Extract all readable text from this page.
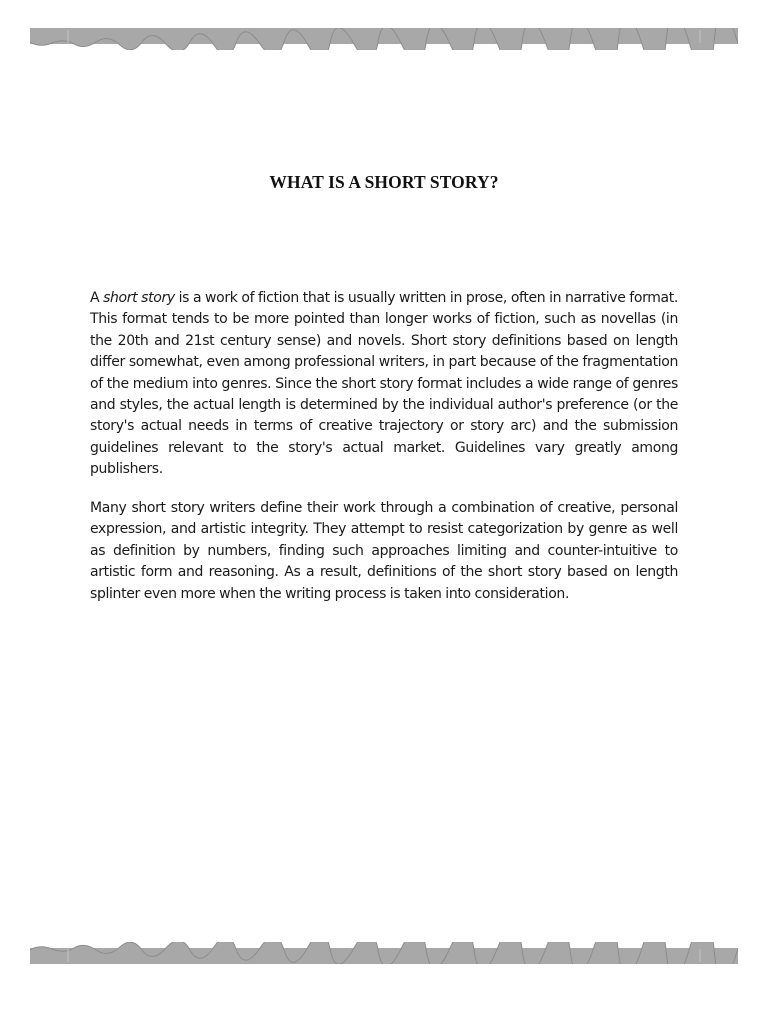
WHAT IS A SHORT STORY?

A short story is a work of fiction that is usually written in prose, often in narrative format. This format tends to be more pointed than longer works of fiction, such as novellas (in the 20th and 21st century sense) and novels. Short story definitions based on length differ somewhat, even among professional writers, in part because of the fragmentation of the medium into genres. Since the short story format includes a wide range of genres and styles, the actual length is determined by the individual author's preference (or the story's actual needs in terms of creative trajectory or story arc) and the submission guidelines relevant to the story's actual market. Guidelines vary greatly among publishers.

Many short story writers define their work through a combination of creative, personal expression, and artistic integrity. They attempt to resist categorization by genre as well as definition by numbers, finding such approaches limiting and counter-intuitive to artistic form and reasoning. As a result, definitions of the short story based on length splinter even more when the writing process is taken into consideration.
